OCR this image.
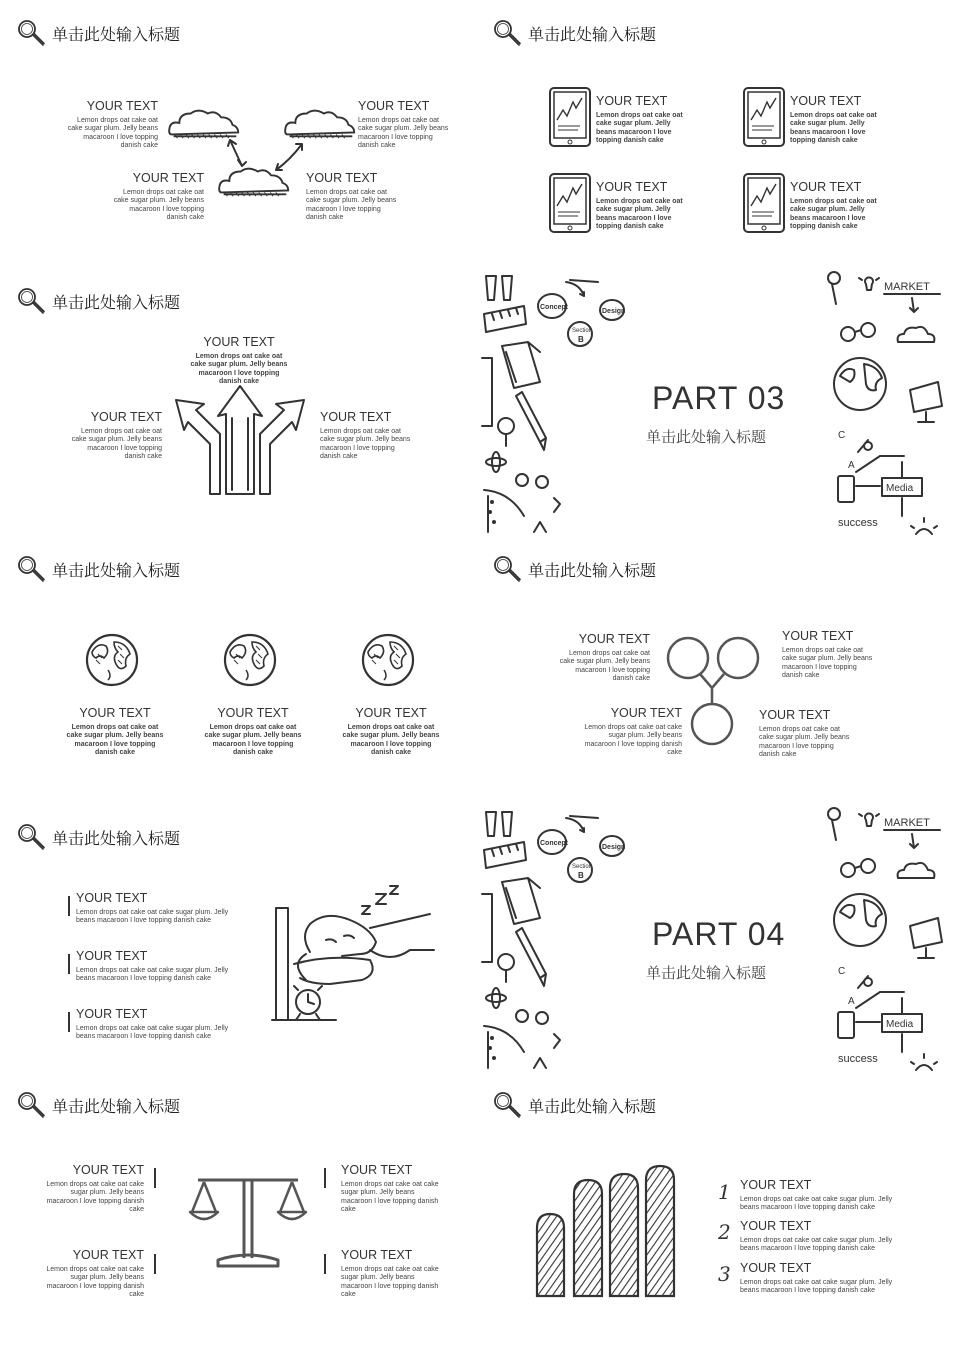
单击此处输入标题
YOUR TEXT
Lemon drops oat cake oat cake sugar plum. Jelly beans macaroon I love topping danish cake
YOUR TEXT
Lemon drops oat cake oat cake sugar plum. Jelly beans macaroon I love topping danish cake
YOUR TEXT
Lemon drops oat cake oat cake sugar plum. Jelly beans macaroon I love topping danish cake
YOUR TEXT
Lemon drops oat cake oat cake sugar plum. Jelly beans macaroon I love topping danish cake
单击此处输入标题
YOUR TEXT
Lemon drops oat cake oat cake sugar plum. Jelly beans macaroon I love topping danish cake
YOUR TEXT
Lemon drops oat cake oat cake sugar plum. Jelly beans macaroon I love topping danish cake
YOUR TEXT
Lemon drops oat cake oat cake sugar plum. Jelly beans macaroon I love topping danish cake
YOUR TEXT
Lemon drops oat cake oat cake sugar plum. Jelly beans macaroon I love topping danish cake
单击此处输入标题
YOUR TEXT
Lemon drops oat cake oat cake sugar plum. Jelly beans macaroon I love topping danish cake
YOUR TEXT
Lemon drops oat cake oat cake sugar plum. Jelly beans macaroon I love topping danish cake
YOUR TEXT
Lemon drops oat cake oat cake sugar plum. Jelly beans macaroon I love topping danish cake
Concept
Section
B
Design
MARKET
C
A
Media
success
PART 03
单击此处输入标题
单击此处输入标题
YOUR TEXT
Lemon drops oat cake oat cake sugar plum. Jelly beans macaroon I love topping danish cake
YOUR TEXT
Lemon drops oat cake oat cake sugar plum. Jelly beans macaroon I love topping danish cake
YOUR TEXT
Lemon drops oat cake oat cake sugar plum. Jelly beans macaroon I love topping danish cake
单击此处输入标题
YOUR TEXT
Lemon drops oat cake oat cake sugar plum. Jelly beans macaroon I love topping danish cake
YOUR TEXT
Lemon drops oat cake oat cake sugar plum. Jelly beans macaroon I love topping danish cake
YOUR TEXT
Lemon drops oat cake oat cake sugar plum. Jelly beans macaroon I love topping danish cake
YOUR TEXT
Lemon drops oat cake oat cake sugar plum. Jelly beans macaroon I love topping danish cake
单击此处输入标题
YOUR TEXT
Lemon drops oat cake oat cake sugar plum. Jelly beans macaroon I love topping danish cake
YOUR TEXT
Lemon drops oat cake oat cake sugar plum. Jelly beans macaroon I love topping danish cake
YOUR TEXT
Lemon drops oat cake oat cake sugar plum. Jelly beans macaroon I love topping danish cake
Concept
Section
B
Design
MARKET
C
A
Media
success
PART 04
单击此处输入标题
单击此处输入标题
YOUR TEXT
Lemon drops oat cake oat cake sugar plum. Jelly beans macaroon I love topping danish cake
YOUR TEXT
Lemon drops oat cake oat cake sugar plum. Jelly beans macaroon I love topping danish cake
YOUR TEXT
Lemon drops oat cake oat cake sugar plum. Jelly beans macaroon I love topping danish cake
YOUR TEXT
Lemon drops oat cake oat cake sugar plum. Jelly beans macaroon I love topping danish cake
单击此处输入标题
1
2
3
YOUR TEXT
Lemon drops oat cake oat cake sugar plum. Jelly beans macaroon I love topping danish cake
YOUR TEXT
Lemon drops oat cake oat cake sugar plum. Jelly beans macaroon I love topping danish cake
YOUR TEXT
Lemon drops oat cake oat cake sugar plum. Jelly beans macaroon I love topping danish cake
